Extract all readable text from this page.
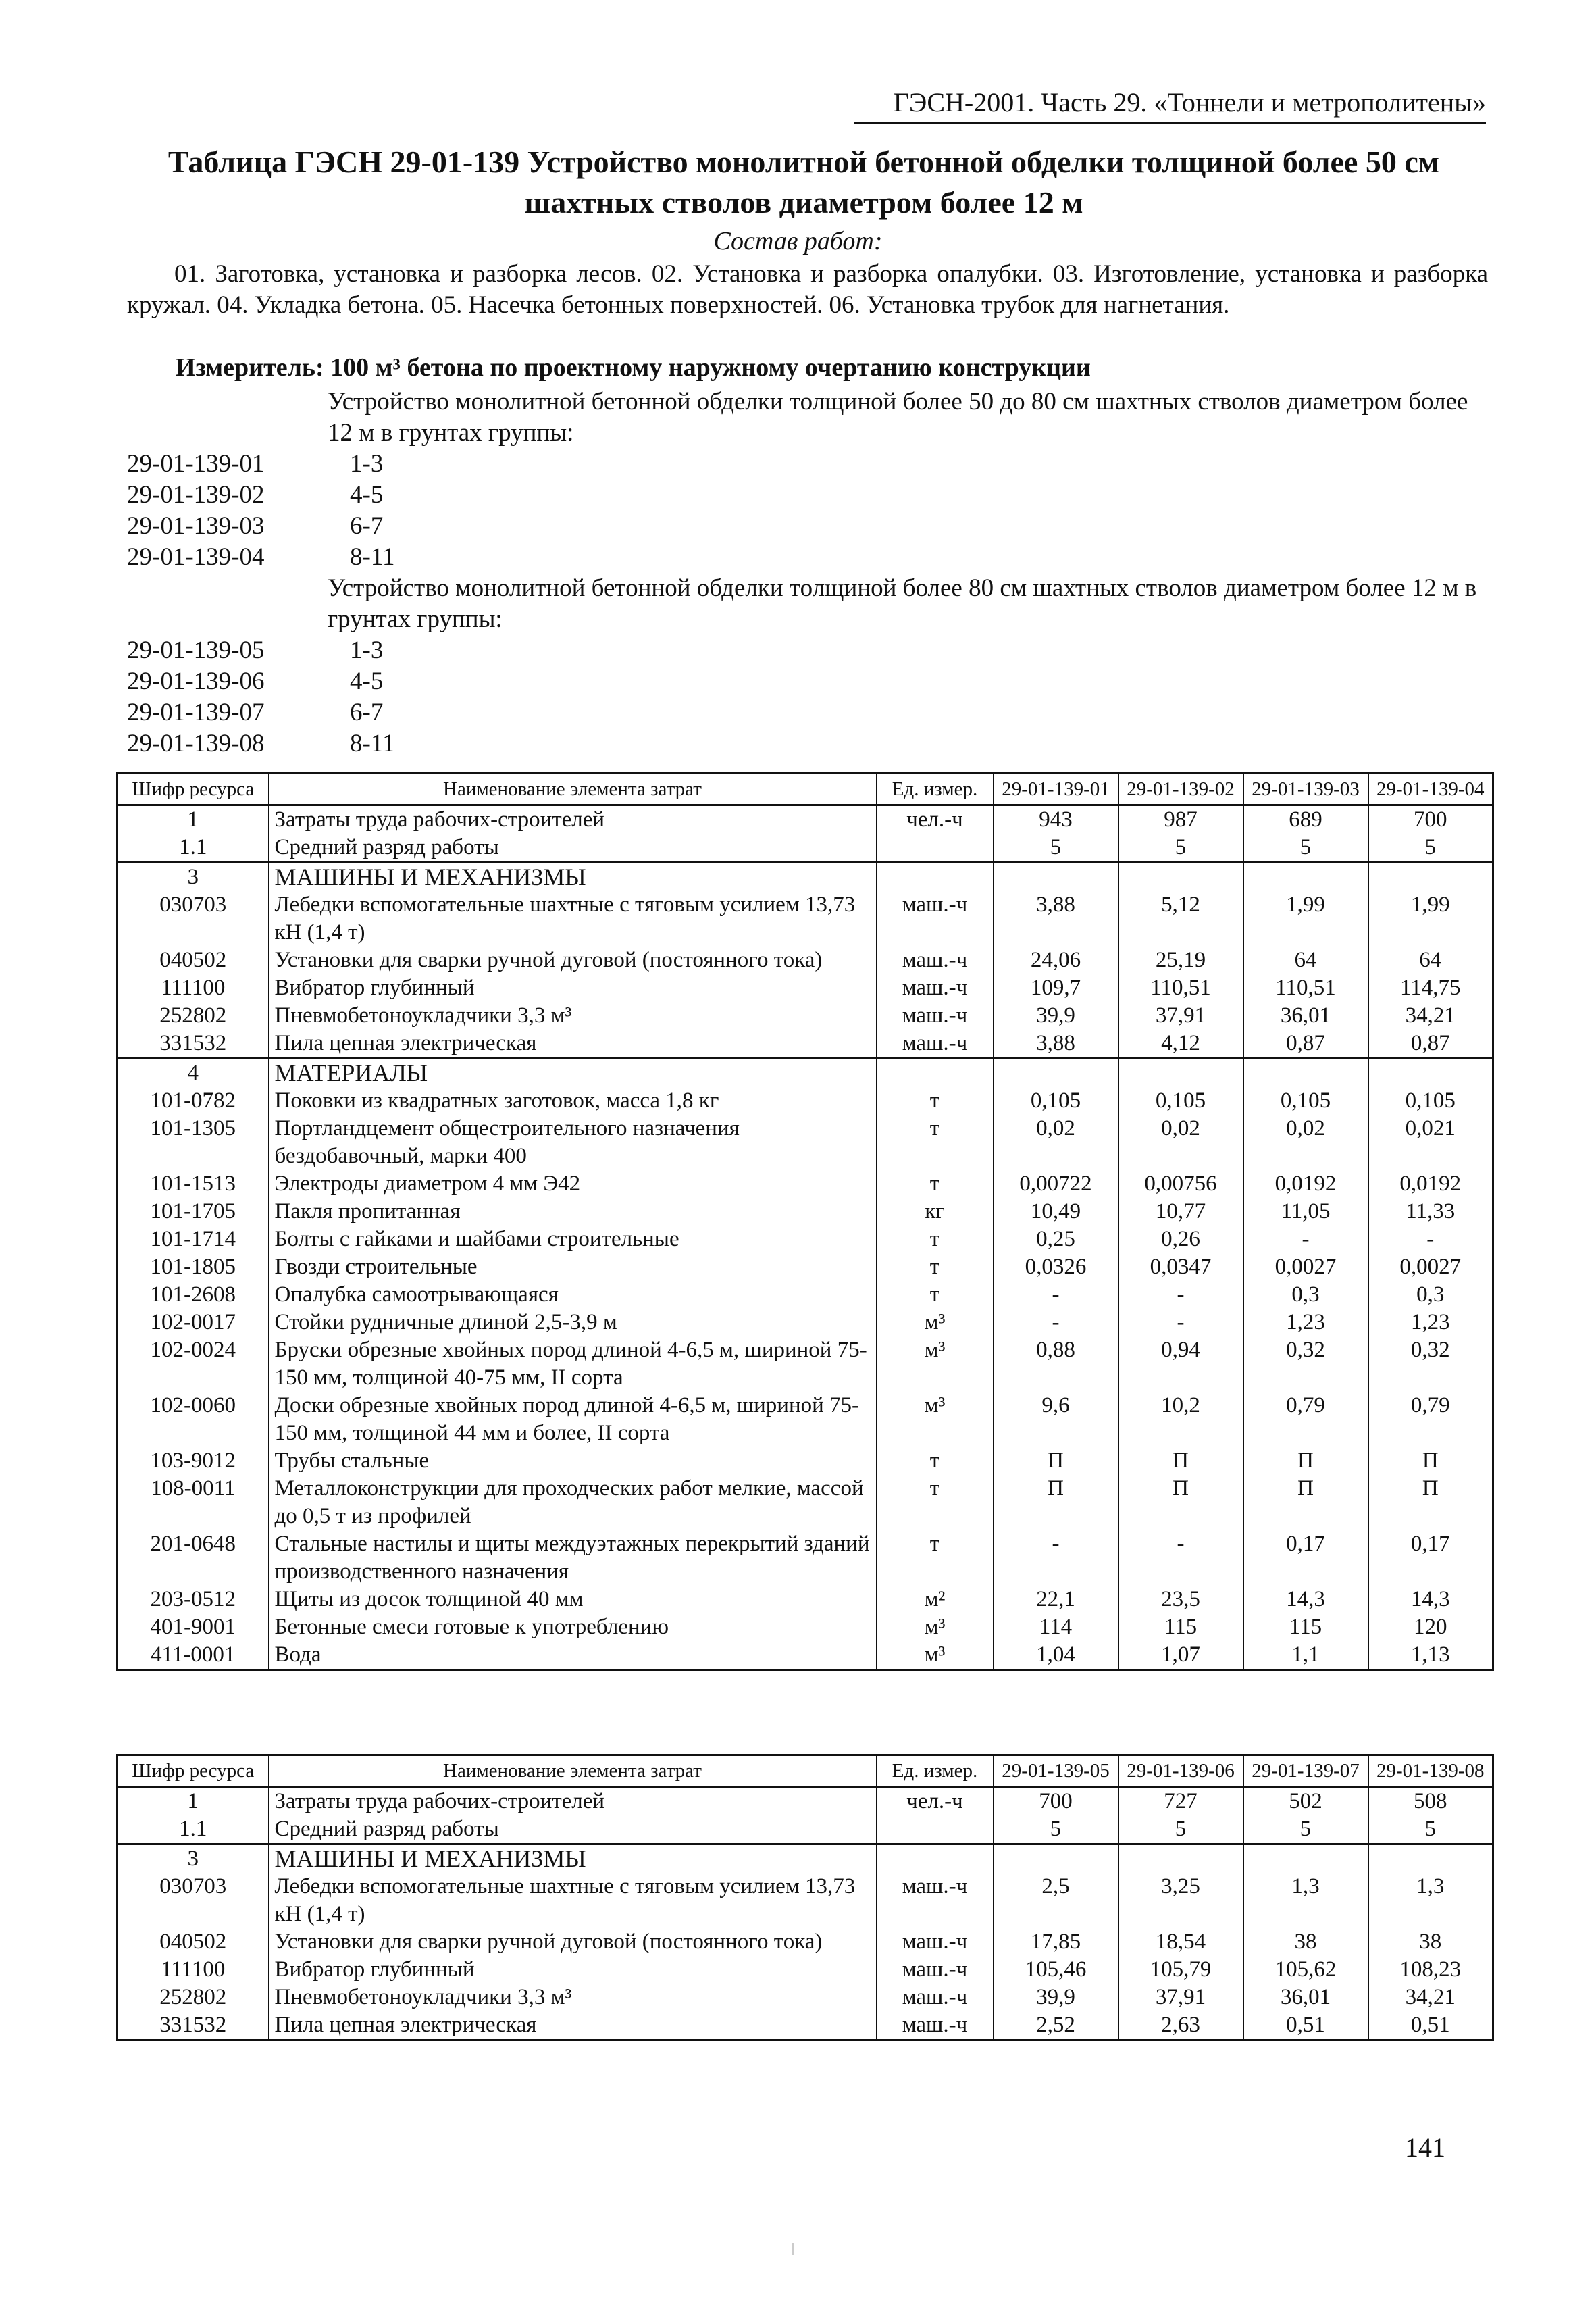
ГЭСН-2001. Часть 29. «Тоннели и метрополитены»
Таблица ГЭСН 29-01-139 Устройство монолитной бетонной обделки толщиной более 50 см шахтных стволов диаметром более 12 м
Состав работ:
01. Заготовка, установка и разборка лесов. 02. Установка и разборка опалубки. 03. Изготовление, установка и разборка кружал. 04. Укладка бетона. 05. Насечка бетонных поверхностей. 06. Установка трубок для нагнетания.
Измеритель: 100 м³ бетона по проектному наружному очертанию конструкции
Устройство монолитной бетонной обделки толщиной более 50 до 80 см шахтных стволов диаметром более 12 м в грунтах группы:
29-01-139-01	1-3
29-01-139-02	4-5
29-01-139-03	6-7
29-01-139-04	8-11
Устройство монолитной бетонной обделки толщиной более 80 см шахтных стволов диаметром более 12 м в грунтах группы:
29-01-139-05	1-3
29-01-139-06	4-5
29-01-139-07	6-7
29-01-139-08	8-11
Шифр ресурса	Наименование элемента затрат	Ед. измер.	29-01-139-01	29-01-139-02	29-01-139-03	29-01-139-04
1	Затраты труда рабочих-строителей	чел.-ч	943	987	689	700
1.1	Средний разряд работы		5	5	5	5
3	МАШИНЫ И МЕХАНИЗМЫ					
030703	Лебедки вспомогательные шахтные с тяговым усилием 13,73 кН (1,4 т)	маш.-ч	3,88	5,12	1,99	1,99
040502	Установки для сварки ручной дуговой (постоянного тока)	маш.-ч	24,06	25,19	64	64
111100	Вибратор глубинный	маш.-ч	109,7	110,51	110,51	114,75
252802	Пневмобетоноукладчики 3,3 м³	маш.-ч	39,9	37,91	36,01	34,21
331532	Пила цепная электрическая	маш.-ч	3,88	4,12	0,87	0,87
4	МАТЕРИАЛЫ					
101-0782	Поковки из квадратных заготовок, масса 1,8 кг	т	0,105	0,105	0,105	0,105
101-1305	Портландцемент общестроительного назначения бездобавочный, марки 400	т	0,02	0,02	0,02	0,021
101-1513	Электроды диаметром 4 мм Э42	т	0,00722	0,00756	0,0192	0,0192
101-1705	Пакля пропитанная	кг	10,49	10,77	11,05	11,33
101-1714	Болты с гайками и шайбами строительные	т	0,25	0,26	-	-
101-1805	Гвозди строительные	т	0,0326	0,0347	0,0027	0,0027
101-2608	Опалубка самоотрывающаяся	т	-	-	0,3	0,3
102-0017	Стойки рудничные длиной 2,5-3,9 м	м³	-	-	1,23	1,23
102-0024	Бруски обрезные хвойных пород длиной 4-6,5 м, шириной 75-150 мм, толщиной 40-75 мм, II сорта	м³	0,88	0,94	0,32	0,32
102-0060	Доски обрезные хвойных пород длиной 4-6,5 м, шириной 75-150 мм, толщиной 44 мм и более, II сорта	м³	9,6	10,2	0,79	0,79
103-9012	Трубы стальные	т	П	П	П	П
108-0011	Металлоконструкции для проходческих работ мелкие, массой до 0,5 т из профилей	т	П	П	П	П
201-0648	Стальные настилы и щиты междуэтажных перекрытий зданий производственного назначения	т	-	-	0,17	0,17
203-0512	Щиты из досок толщиной 40 мм	м²	22,1	23,5	14,3	14,3
401-9001	Бетонные смеси готовые к употреблению	м³	114	115	115	120
411-0001	Вода	м³	1,04	1,07	1,1	1,13
Шифр ресурса	Наименование элемента затрат	Ед. измер.	29-01-139-05	29-01-139-06	29-01-139-07	29-01-139-08
1	Затраты труда рабочих-строителей	чел.-ч	700	727	502	508
1.1	Средний разряд работы		5	5	5	5
3	МАШИНЫ И МЕХАНИЗМЫ					
030703	Лебедки вспомогательные шахтные с тяговым усилием 13,73 кН (1,4 т)	маш.-ч	2,5	3,25	1,3	1,3
040502	Установки для сварки ручной дуговой (постоянного тока)	маш.-ч	17,85	18,54	38	38
111100	Вибратор глубинный	маш.-ч	105,46	105,79	105,62	108,23
252802	Пневмобетоноукладчики 3,3 м³	маш.-ч	39,9	37,91	36,01	34,21
331532	Пила цепная электрическая	маш.-ч	2,52	2,63	0,51	0,51
141
